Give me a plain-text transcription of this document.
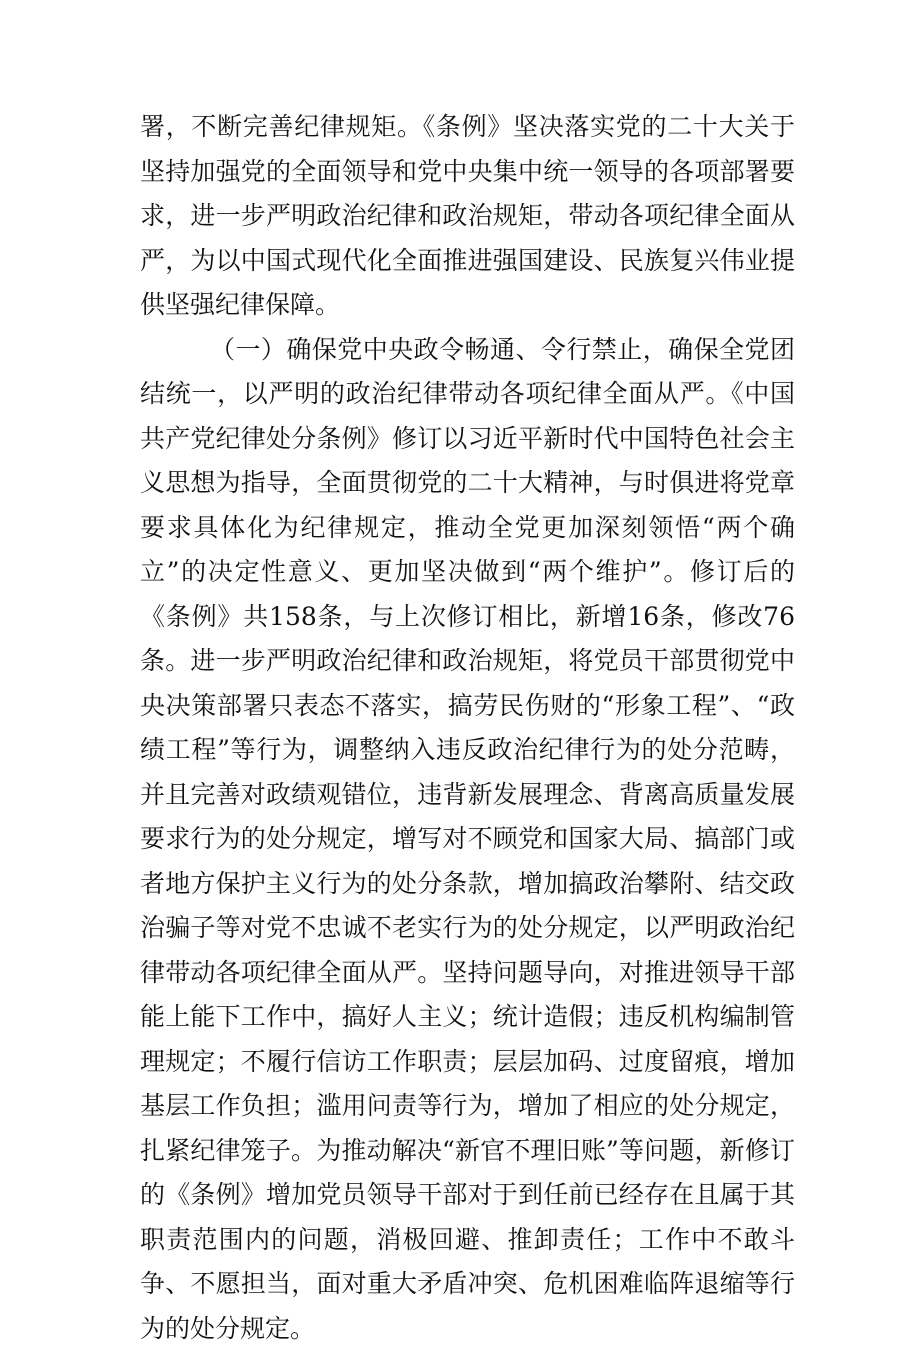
署，不断完善纪律规矩。《条例》坚决落实党的二十大关于坚持加强党的全面领导和党中央集中统一领导的各项部署要求，进一步严明政治纪律和政治规矩，带动各项纪律全面从严，为以中国式现代化全面推进强国建设、民族复兴伟业提供坚强纪律保障。

（一）确保党中央政令畅通、令行禁止，确保全党团结统一，以严明的政治纪律带动各项纪律全面从严。《中国共产党纪律处分条例》修订以习近平新时代中国特色社会主义思想为指导，全面贯彻党的二十大精神，与时俱进将党章要求具体化为纪律规定，推动全党更加深刻领悟“两个确立”的决定性意义、更加坚决做到“两个维护”。修订后的《条例》共158条，与上次修订相比，新增16条，修改76条。进一步严明政治纪律和政治规矩，将党员干部贯彻党中央决策部署只表态不落实，搞劳民伤财的“形象工程”、“政绩工程”等行为，调整纳入违反政治纪律行为的处分范畴，并且完善对政绩观错位，违背新发展理念、背离高质量发展要求行为的处分规定，增写对不顾党和国家大局、搞部门或者地方保护主义行为的处分条款，增加搞政治攀附、结交政治骗子等对党不忠诚不老实行为的处分规定，以严明政治纪律带动各项纪律全面从严。坚持问题导向，对推进领导干部能上能下工作中，搞好人主义；统计造假；违反机构编制管理规定；不履行信访工作职责；层层加码、过度留痕，增加基层工作负担；滥用问责等行为，增加了相应的处分规定，扎紧纪律笼子。为推动解决“新官不理旧账”等问题，新修订的《条例》增加党员领导干部对于到任前已经存在且属于其职责范围内的问题，消极回避、推卸责任；工作中不敢斗争、不愿担当，面对重大矛盾冲突、危机困难临阵退缩等行为的处分规定。
